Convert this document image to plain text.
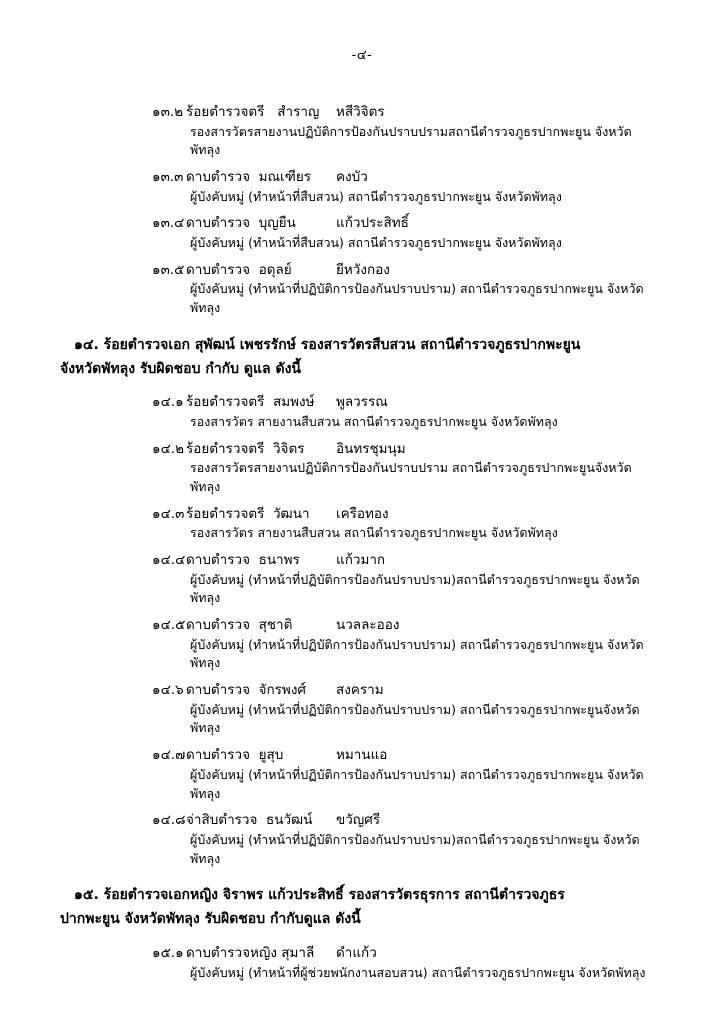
-๔-
๑๓.๒ ร้อยตำรวจตรี   สำราญ หสีวิจิตร
รองสารวัตรสายงานปฏิบัติการป้องกันปราบปรามสถานีตำรวจภูธรปากพะยูน จังหวัดพัทลุง
๑๓.๓ ดาบตำรวจ  มณเฑียร คงบัว
ผู้บังคับหมู่ (ทำหน้าที่สืบสวน) สถานีตำรวจภูธรปากพะยูน จังหวัดพัทลุง
๑๓.๔ ดาบตำรวจ  บุญยืน	แก้วประสิทธิ์
ผู้บังคับหมู่ (ทำหน้าที่สืบสวน) สถานีตำรวจภูธรปากพะยูน จังหวัดพัทลุง
๑๓.๕ ดาบตำรวจ  อดุลย์	ยีหวังกอง
ผู้บังคับหมู่ (ทำหน้าที่ปฏิบัติการป้องกันปราบปราม) สถานีตำรวจภูธรปากพะยูน จังหวัดพัทลุง
๑๔. ร้อยตำรวจเอก สุพัฒน์ เพชรรักษ์ รองสารวัตรสืบสวน สถานีตำรวจภูธรปากพะยูน
จังหวัดพัทลุง รับผิดชอบ กำกับ ดูแล ดังนี้
๑๔.๑ ร้อยตำรวจตรี  สมพงษ์ พูลวรรณ
รองสารวัตร สายงานสืบสวน สถานีตำรวจภูธรปากพะยูน จังหวัดพัทลุง
๑๔.๒ ร้อยตำรวจตรี  วิจิตร อินทรชุมนุม
รองสารวัตรสายงานปฏิบัติการป้องกันปราบปราม สถานีตำรวจภูธรปากพะยูนจังหวัดพัทลุง
๑๔.๓ ร้อยตำรวจตรี  วัฒนา เครือทอง
รองสารวัตร สายงานสืบสวน สถานีตำรวจภูธรปากพะยูน จังหวัดพัทลุง
๑๔.๔ดาบตำรวจ  ธนาพร	แก้วมาก
ผู้บังคับหมู่ (ทำหน้าที่ปฏิบัติการป้องกันปราบปราม)สถานีตำรวจภูธรปากพะยูน จังหวัดพัทลุง
๑๔.๕ดาบตำรวจ  สุชาติ	นวลละออง
ผู้บังคับหมู่ (ทำหน้าที่ปฏิบัติการป้องกันปราบปราม) สถานีตำรวจภูธรปากพะยูน จังหวัดพัทลุง
๑๔.๖ ดาบตำรวจ  จักรพงศ์ สงคราม
ผู้บังคับหมู่ (ทำหน้าที่ปฏิบัติการป้องกันปราบปราม) สถานีตำรวจภูธรปากพะยูนจังหวัดพัทลุง
๑๔.๗ดาบตำรวจ  ยูสุบ	หมานแอ
ผู้บังคับหมู่ (ทำหน้าที่ปฏิบัติการป้องกันปราบปราม) สถานีตำรวจภูธรปากพะยูน จังหวัดพัทลุง
๑๔.๘จ่าสิบตำรวจ  ธนวัฒน์ ขวัญศรี
ผู้บังคับหมู่ (ทำหน้าที่ปฏิบัติการป้องกันปราบปราม)สถานีตำรวจภูธรปากพะยูน จังหวัดพัทลุง
๑๕. ร้อยตำรวจเอกหญิง จิราพร แก้วประสิทธิ์ รองสารวัตรธุรการ สถานีตำรวจภูธร
ปากพะยูน จังหวัดพัทลุง รับผิดชอบ กำกับดูแล ดังนี้
๑๕.๑ ดาบตำรวจหญิง สุมาลี ดำแก้ว
ผู้บังคับหมู่ (ทำหน้าที่ผู้ช่วยพนักงานสอบสวน) สถานีตำรวจภูธรปากพะยูน จังหวัดพัทลุง
